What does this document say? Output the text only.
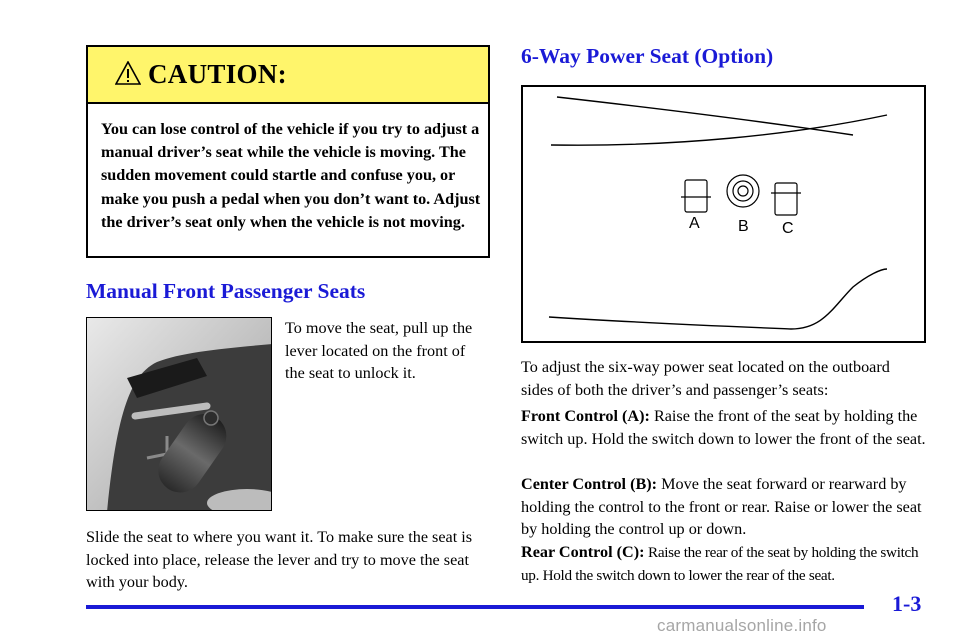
CAUTION:
You can lose control of the vehicle if you try to adjust a manual driver’s seat while the vehicle is moving. The sudden movement could startle and confuse you, or make you push a pedal when you don’t want to. Adjust the driver’s seat only when the vehicle is not moving.
Manual Front Passenger Seats
To move the seat, pull up the lever located on the front of the seat to unlock it.
Slide the seat to where you want it. To make sure the seat is locked into place, release the lever and try to move the seat with your body.
6-Way Power Seat (Option)
A B C
To adjust the six-way power seat located on the outboard sides of both the driver’s and passenger’s seats:
Front Control (A): Raise the front of the seat by holding the switch up. Hold the switch down to lower the front of the seat.
Center Control (B): Move the seat forward or rearward by holding the control to the front or rear. Raise or lower the seat by holding the control up or down.
Rear Control (C): Raise the rear of the seat by holding the switch up. Hold the switch down to lower the rear of the seat.
1-3
carmanualsonline.info
